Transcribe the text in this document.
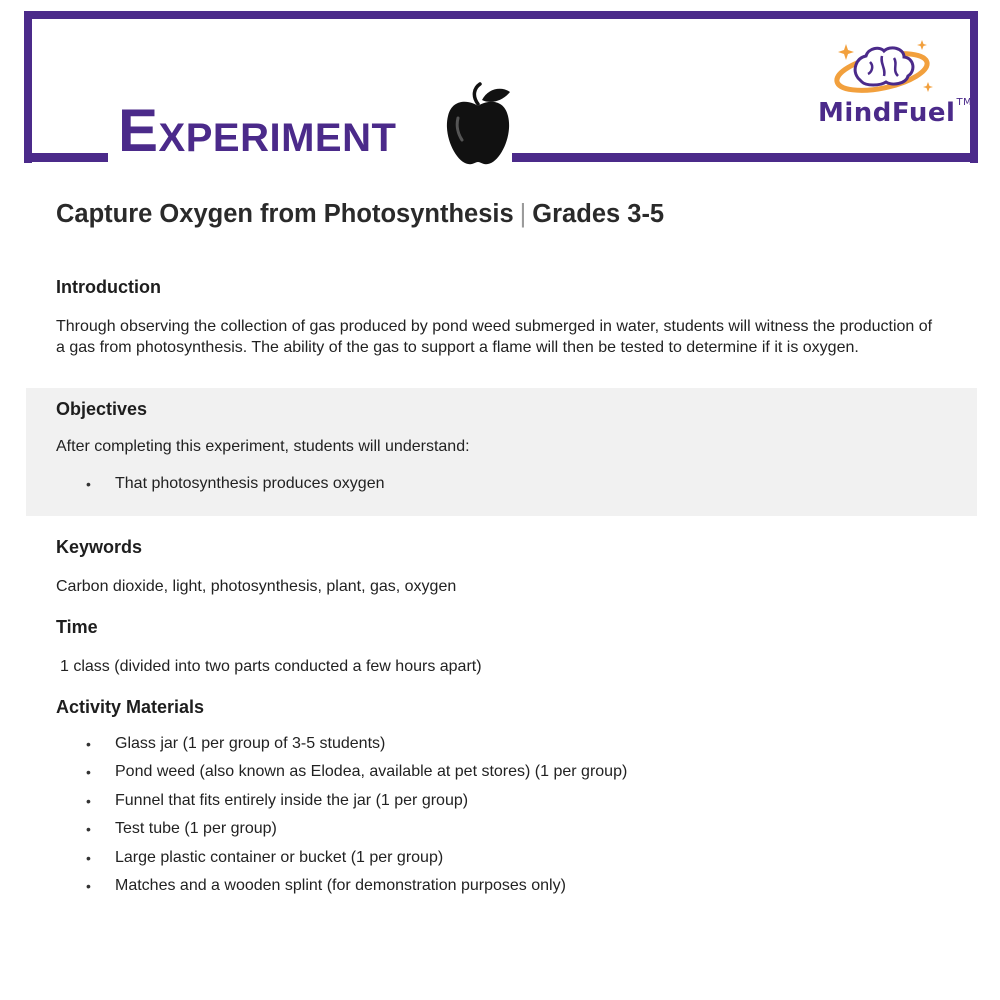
EXPERIMENT
MindFuel™
Capture Oxygen from Photosynthesis | Grades 3-5
Introduction

Through observing the collection of gas produced by pond weed submerged in water, students will witness the production of a gas from photosynthesis. The ability of the gas to support a flame will then be tested to determine if it is oxygen.

Objectives

After completing this experiment, students will understand:

• That photosynthesis produces oxygen
Keywords

Carbon dioxide, light, photosynthesis, plant, gas, oxygen

Time

1 class (divided into two parts conducted a few hours apart)

Activity Materials
• Glass jar (1 per group of 3-5 students)
• Pond weed (also known as Elodea, available at pet stores) (1 per group)
• Funnel that fits entirely inside the jar (1 per group)
• Test tube (1 per group)
• Large plastic container or bucket (1 per group)
• Matches and a wooden splint (for demonstration purposes only)
